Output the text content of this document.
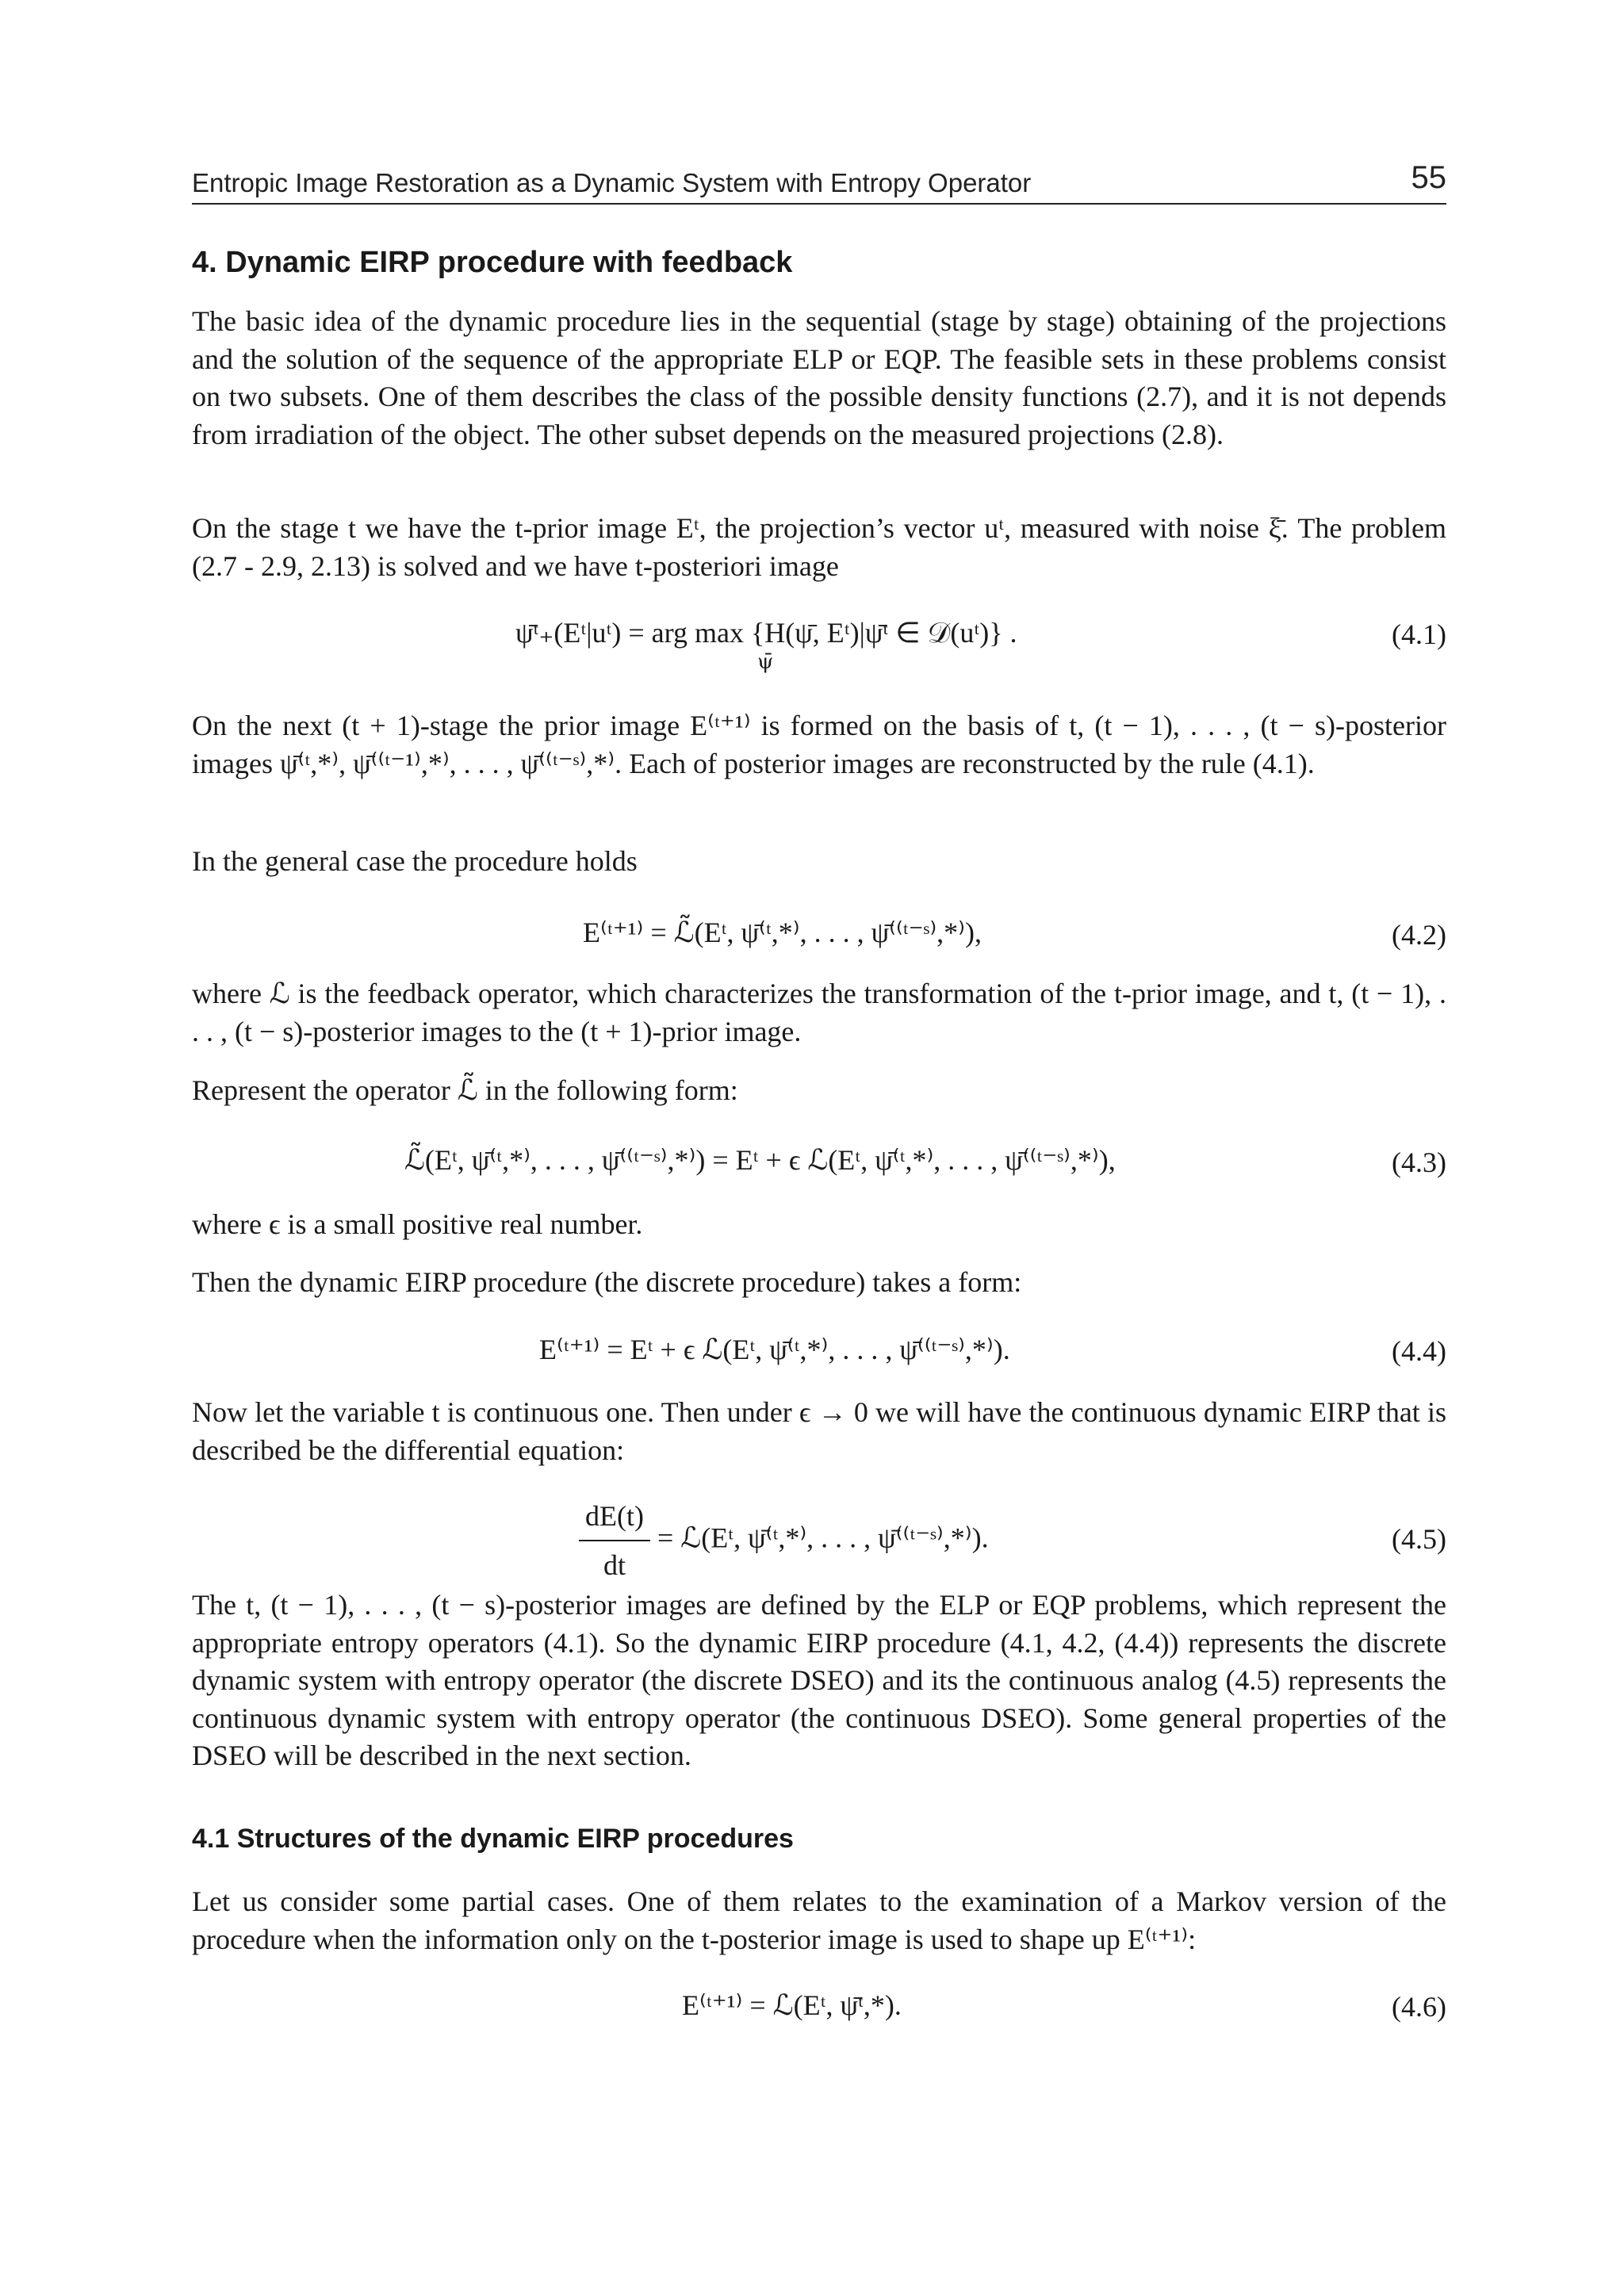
Entropic Image Restoration as a Dynamic System with Entropy Operator	55
4. Dynamic EIRP procedure with feedback

The basic idea of the dynamic procedure lies in the sequential (stage by stage) obtaining of the projections and the solution of the sequence of the appropriate ELP or EQP. The feasible sets in these problems consist on two subsets. One of them describes the class of the possible density functions (2.7), and it is not depends from irradiation of the object. The other subset depends on the measured projections (2.8).

On the stage t we have the t-prior image Eᵗ, the projection’s vector uᵗ, measured with noise ξ̄. The problem (2.7 - 2.9, 2.13) is solved and we have t-posteriori image

ψ̄ᵗ₊(Eᵗ|uᵗ) = arg max {H(ψ̄, Eᵗ)|ψ̄ᵗ ∈ 𝒟(uᵗ)} .
ψ̄
(4.1)

On the next (t + 1)-stage the prior image E⁽ᵗ⁺¹⁾ is formed on the basis of t, (t − 1), . . . , (t − s)-posterior images ψ̄⁽ᵗ,*⁾, ψ̄⁽⁽ᵗ⁻¹⁾,*⁾, . . . , ψ̄⁽⁽ᵗ⁻ˢ⁾,*⁾. Each of posterior images are reconstructed by the rule (4.1).

In the general case the procedure holds

E⁽ᵗ⁺¹⁾ = ℒ̃(Eᵗ, ψ̄⁽ᵗ,*⁾, . . . , ψ̄⁽⁽ᵗ⁻ˢ⁾,*⁾),	(4.2)

where ℒ is the feedback operator, which characterizes the transformation of the t-prior image, and t, (t − 1), . . . , (t − s)-posterior images to the (t + 1)-prior image.

Represent the operator ℒ̃ in the following form:

ℒ̃(Eᵗ, ψ̄⁽ᵗ,*⁾, . . . , ψ̄⁽⁽ᵗ⁻ˢ⁾,*⁾) = Eᵗ + ϵ ℒ(Eᵗ, ψ̄⁽ᵗ,*⁾, . . . , ψ̄⁽⁽ᵗ⁻ˢ⁾,*⁾),	(4.3)

where ϵ is a small positive real number.

Then the dynamic EIRP procedure (the discrete procedure) takes a form:

E⁽ᵗ⁺¹⁾ = Eᵗ + ϵ ℒ(Eᵗ, ψ̄⁽ᵗ,*⁾, . . . , ψ̄⁽⁽ᵗ⁻ˢ⁾,*⁾).	(4.4)

Now let the variable t is continuous one. Then under ϵ → 0 we will have the continuous dynamic EIRP that is described be the differential equation:

$\frac{dE(t)}{dt}$ = ℒ(Eᵗ, ψ̄⁽ᵗ,*⁾, . . . , ψ̄⁽⁽ᵗ⁻ˢ⁾,*⁾).	(4.5)

The t, (t − 1), . . . , (t − s)-posterior images are defined by the ELP or EQP problems, which represent the appropriate entropy operators (4.1). So the dynamic EIRP procedure (4.1, 4.2, (4.4)) represents the discrete dynamic system with entropy operator (the discrete DSEO) and its the continuous analog (4.5) represents the continuous dynamic system with entropy operator (the continuous DSEO). Some general properties of the DSEO will be described in the next section.

4.1 Structures of the dynamic EIRP procedures

Let us consider some partial cases. One of them relates to the examination of a Markov version of the procedure when the information only on the t-posterior image is used to shape up E⁽ᵗ⁺¹⁾:

E⁽ᵗ⁺¹⁾ = ℒ(Eᵗ, ψ̄ᵗ,*).	(4.6)
